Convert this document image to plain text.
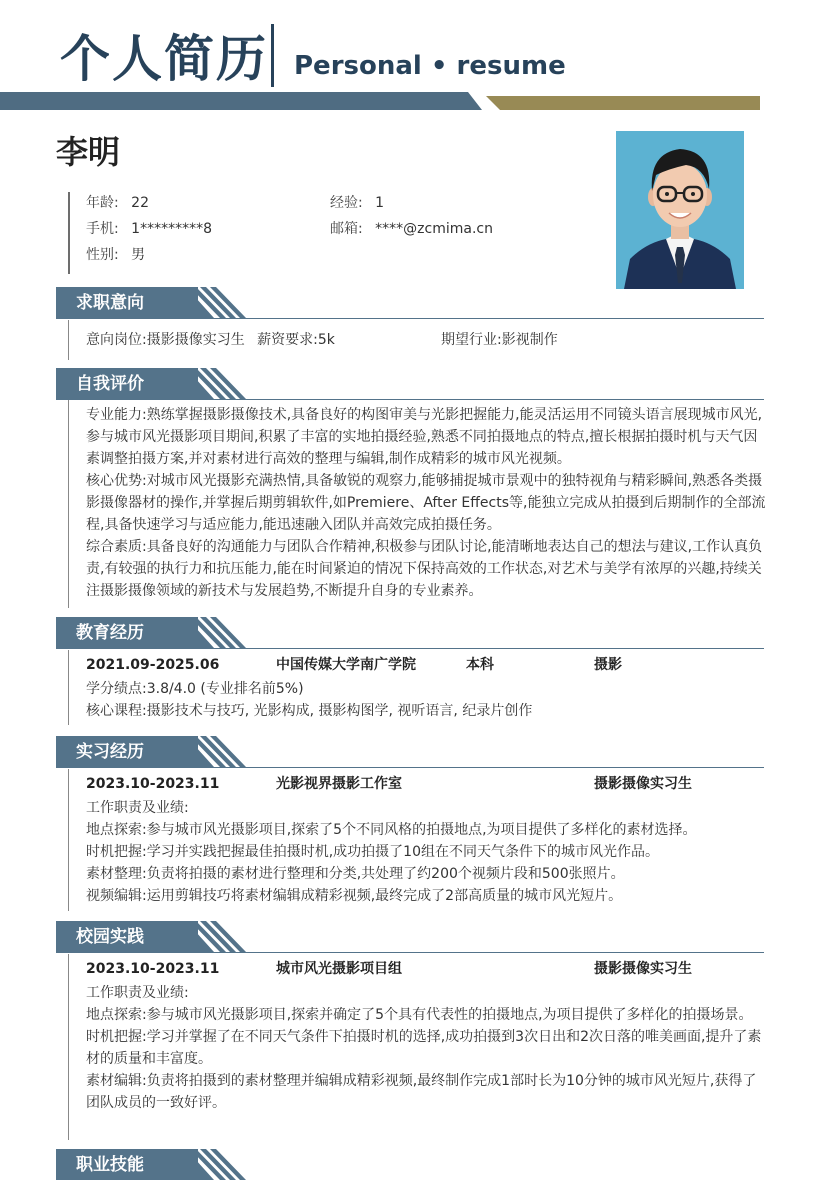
个人简历 Personal • resume
李明
年龄: 22	经验: 1
手机: 1*********8	邮箱: ****@zcmima.cn
性别: 男
求职意向
意向岗位:摄影摄像实习生 薪资要求:5k	期望行业:影视制作
自我评价
专业能力:熟练掌握摄影摄像技术,具备良好的构图审美与光影把握能力,能灵活运用不同镜头语言展现城市风光,参与城市风光摄影项目期间,积累了丰富的实地拍摄经验,熟悉不同拍摄地点的特点,擅长根据拍摄时机与天气因素调整拍摄方案,并对素材进行高效的整理与编辑,制作成精彩的城市风光视频。
核心优势:对城市风光摄影充满热情,具备敏锐的观察力,能够捕捉城市景观中的独特视角与精彩瞬间,熟悉各类摄影摄像器材的操作,并掌握后期剪辑软件,如Premiere、After Effects等,能独立完成从拍摄到后期制作的全部流程,具备快速学习与适应能力,能迅速融入团队并高效完成拍摄任务。
综合素质:具备良好的沟通能力与团队合作精神,积极参与团队讨论,能清晰地表达自己的想法与建议,工作认真负责,有较强的执行力和抗压能力,能在时间紧迫的情况下保持高效的工作状态,对艺术与美学有浓厚的兴趣,持续关注摄影摄像领域的新技术与发展趋势,不断提升自身的专业素养。
教育经历
2021.09-2025.06	中国传媒大学南广学院	本科	摄影
学分绩点:3.8/4.0 (专业排名前5%)
核心课程:摄影技术与技巧, 光影构成, 摄影构图学, 视听语言, 纪录片创作
实习经历
2023.10-2023.11	光影视界摄影工作室	摄影摄像实习生
工作职责及业绩:
地点探索:参与城市风光摄影项目,探索了5个不同风格的拍摄地点,为项目提供了多样化的素材选择。
时机把握:学习并实践把握最佳拍摄时机,成功拍摄了10组在不同天气条件下的城市风光作品。
素材整理:负责将拍摄的素材进行整理和分类,共处理了约200个视频片段和500张照片。
视频编辑:运用剪辑技巧将素材编辑成精彩视频,最终完成了2部高质量的城市风光短片。
校园实践
2023.10-2023.11	城市风光摄影项目组	摄影摄像实习生
工作职责及业绩:
地点探索:参与城市风光摄影项目,探索并确定了5个具有代表性的拍摄地点,为项目提供了多样化的拍摄场景。
时机把握:学习并掌握了在不同天气条件下拍摄时机的选择,成功拍摄到3次日出和2次日落的唯美画面,提升了素材的质量和丰富度。
素材编辑:负责将拍摄到的素材整理并编辑成精彩视频,最终制作完成1部时长为10分钟的城市风光短片,获得了团队成员的一致好评。
职业技能
